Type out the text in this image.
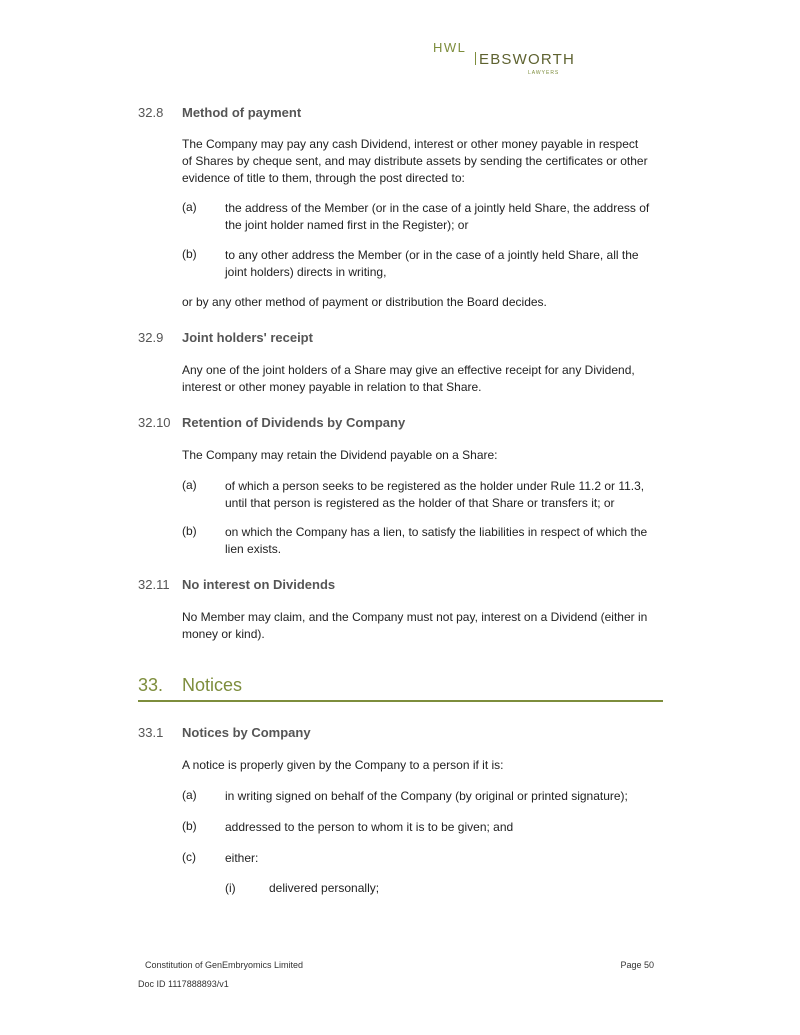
HWL
EBSWORTH
LAWYERS
32.8 Method of payment
The Company may pay any cash Dividend, interest or other money payable in respect
of Shares by cheque sent, and may distribute assets by sending the certificates or other
evidence of title to them, through the post directed to:
(a) the address of the Member (or in the case of a jointly held Share, the address of
the joint holder named first in the Register); or
(b) to any other address the Member (or in the case of a jointly held Share, all the
joint holders) directs in writing,
or by any other method of payment or distribution the Board decides.
32.9 Joint holders' receipt
Any one of the joint holders of a Share may give an effective receipt for any Dividend,
interest or other money payable in relation to that Share.
32.10 Retention of Dividends by Company
The Company may retain the Dividend payable on a Share:
(a) of which a person seeks to be registered as the holder under Rule 11.2 or 11.3,
until that person is registered as the holder of that Share or transfers it; or
(b) on which the Company has a lien, to satisfy the liabilities in respect of which the
lien exists.
32.11 No interest on Dividends
No Member may claim, and the Company must not pay, interest on a Dividend (either in
money or kind).
33. Notices
33.1 Notices by Company
A notice is properly given by the Company to a person if it is:
(a) in writing signed on behalf of the Company (by original or printed signature);
(b) addressed to the person to whom it is to be given; and
(c) either:
(i)	delivered personally;
Constitution of GenEmbryomics Limited	Page 50
Doc ID 1117888893/v1
